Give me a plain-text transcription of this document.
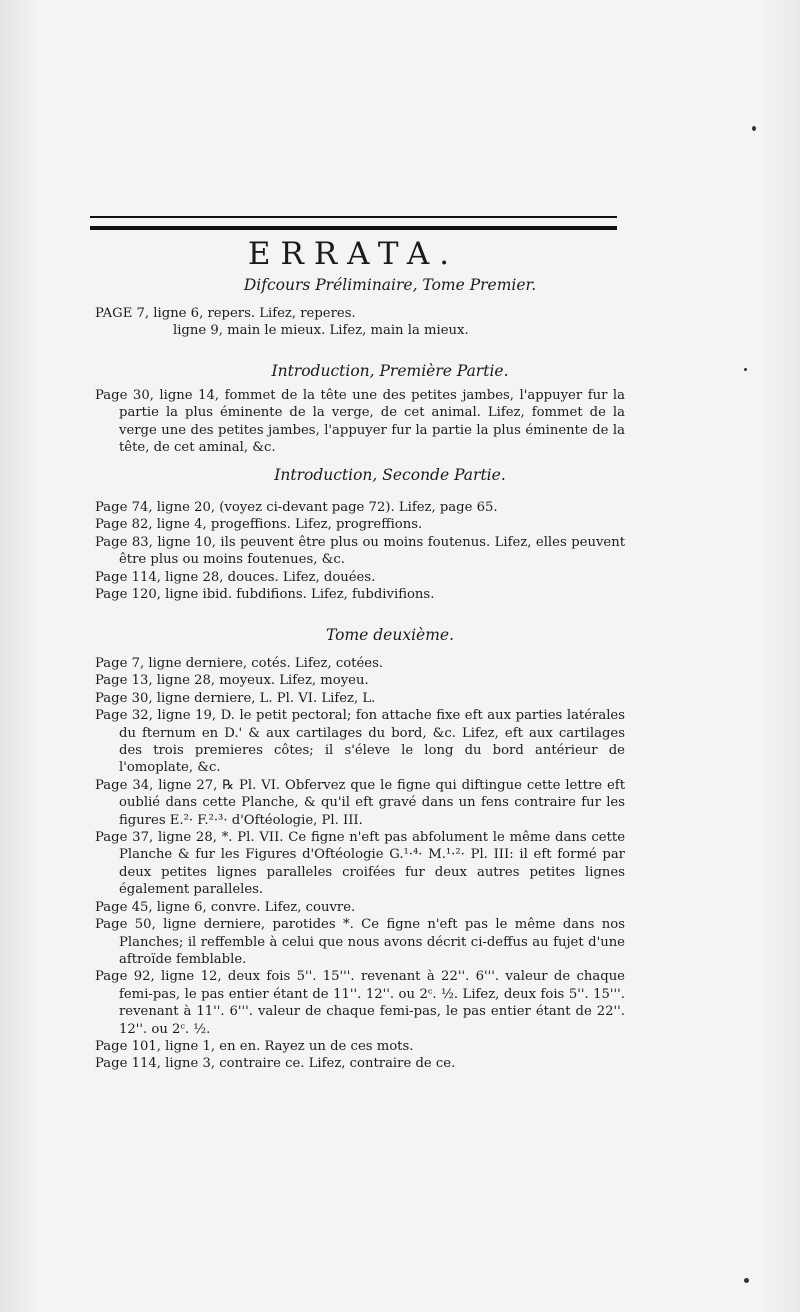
ERRATA.
Difcours Préliminaire, Tome Premier.

PAGE 7, ligne 6, repers. Lifez, reperes.

ligne 9, main le mieux. Lifez, main la mieux.

Introduction, Première Partie.

Page 30, ligne 14, fommet de la tête une des petites jambes, l'appuyer fur la partie la plus éminente de la verge, de cet animal. Lifez, fommet de la verge une des petites jambes, l'appuyer fur la partie la plus éminente de la tête, de cet aminal, &c.

Introduction, Seconde Partie.

Page 74, ligne 20, (voyez ci-devant page 72). Lifez, page 65.

Page 82, ligne 4, progeffions. Lifez, progreffions.

Page 83, ligne 10, ils peuvent être plus ou moins foutenus. Lifez, elles peuvent être plus ou moins foutenues, &c.

Page 114, ligne 28, douces. Lifez, douées.

Page 120, ligne ibid. fubdifions. Lifez, fubdivifions.

Tome deuxième.

Page 7, ligne derniere, cotés. Lifez, cotées.

Page 13, ligne 28, moyeux. Lifez, moyeu.

Page 30, ligne derniere, L. Pl. VI. Lifez, L.

Page 32, ligne 19, D. le petit pectoral; fon attache fixe eft aux parties latérales du fternum en D.' & aux cartilages du bord, &c. Lifez, eft aux cartilages des trois premieres côtes; il s'éleve le long du bord antérieur de l'omoplate, &c.

Page 34, ligne 27, ℞ Pl. VI. Obfervez que le figne qui diftingue cette lettre eft oublié dans cette Planche, & qu'il eft gravé dans un fens contraire fur les figures E.²· F.²·³· d'Oftéologie, Pl. III.

Page 37, ligne 28, *. Pl. VII. Ce figne n'eft pas abfolument le même dans cette Planche & fur les Figures d'Oftéologie G.¹·⁴· M.¹·²· Pl. III: il eft formé par deux petites lignes paralleles croifées fur deux autres petites lignes également paralleles.

Page 45, ligne 6, convre. Lifez, couvre.

Page 50, ligne derniere, parotides *. Ce figne n'eft pas le même dans nos Planches; il reffemble à celui que nous avons décrit ci-deffus au fujet d'une aftroïde femblable.

Page 92, ligne 12, deux fois 5''. 15'''. revenant à 22''. 6'''. valeur de chaque femi-pas, le pas entier étant de 11''. 12''. ou 2ᶜ. ½. Lifez, deux fois 5''. 15'''. revenant à 11''. 6'''. valeur de chaque femi-pas, le pas entier étant de 22''. 12''. ou 2ᶜ. ½.

Page 101, ligne 1, en en. Rayez un de ces mots.

Page 114, ligne 3, contraire ce. Lifez, contraire de ce.
